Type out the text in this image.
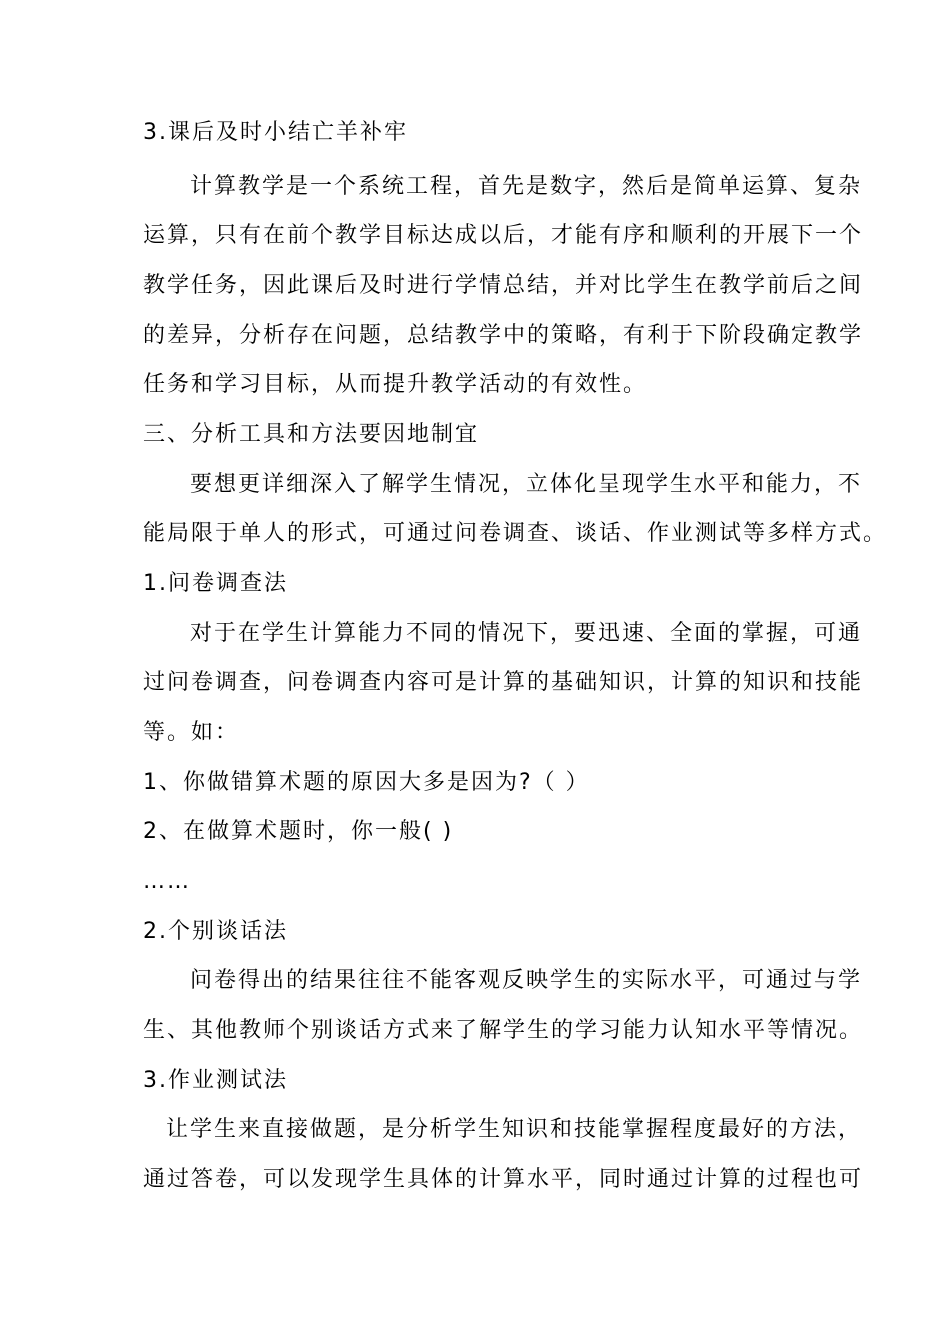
3.课后及时小结亡羊补牢
计算教学是一个系统工程，首先是数字，然后是简单运算、复杂
运算，只有在前个教学目标达成以后，才能有序和顺利的开展下一个
教学任务，因此课后及时进行学情总结，并对比学生在教学前后之间
的差异，分析存在问题，总结教学中的策略，有利于下阶段确定教学
任务和学习目标，从而提升教学活动的有效性。
三、分析工具和方法要因地制宜
要想更详细深入了解学生情况，立体化呈现学生水平和能力，不
能局限于单人的形式，可通过问卷调查、谈话、作业测试等多样方式。
1.问卷调查法
对于在学生计算能力不同的情况下，要迅速、全面的掌握，可通
过问卷调查，问卷调查内容可是计算的基础知识，计算的知识和技能
等。如：
1、你做错算术题的原因大多是因为?（ ）
2、在做算术题时，你一般( )
……
2.个别谈话法
问卷得出的结果往往不能客观反映学生的实际水平，可通过与学
生、其他教师个别谈话方式来了解学生的学习能力认知水平等情况。
3.作业测试法
让学生来直接做题，是分析学生知识和技能掌握程度最好的方法，
通过答卷，可以发现学生具体的计算水平，同时通过计算的过程也可
